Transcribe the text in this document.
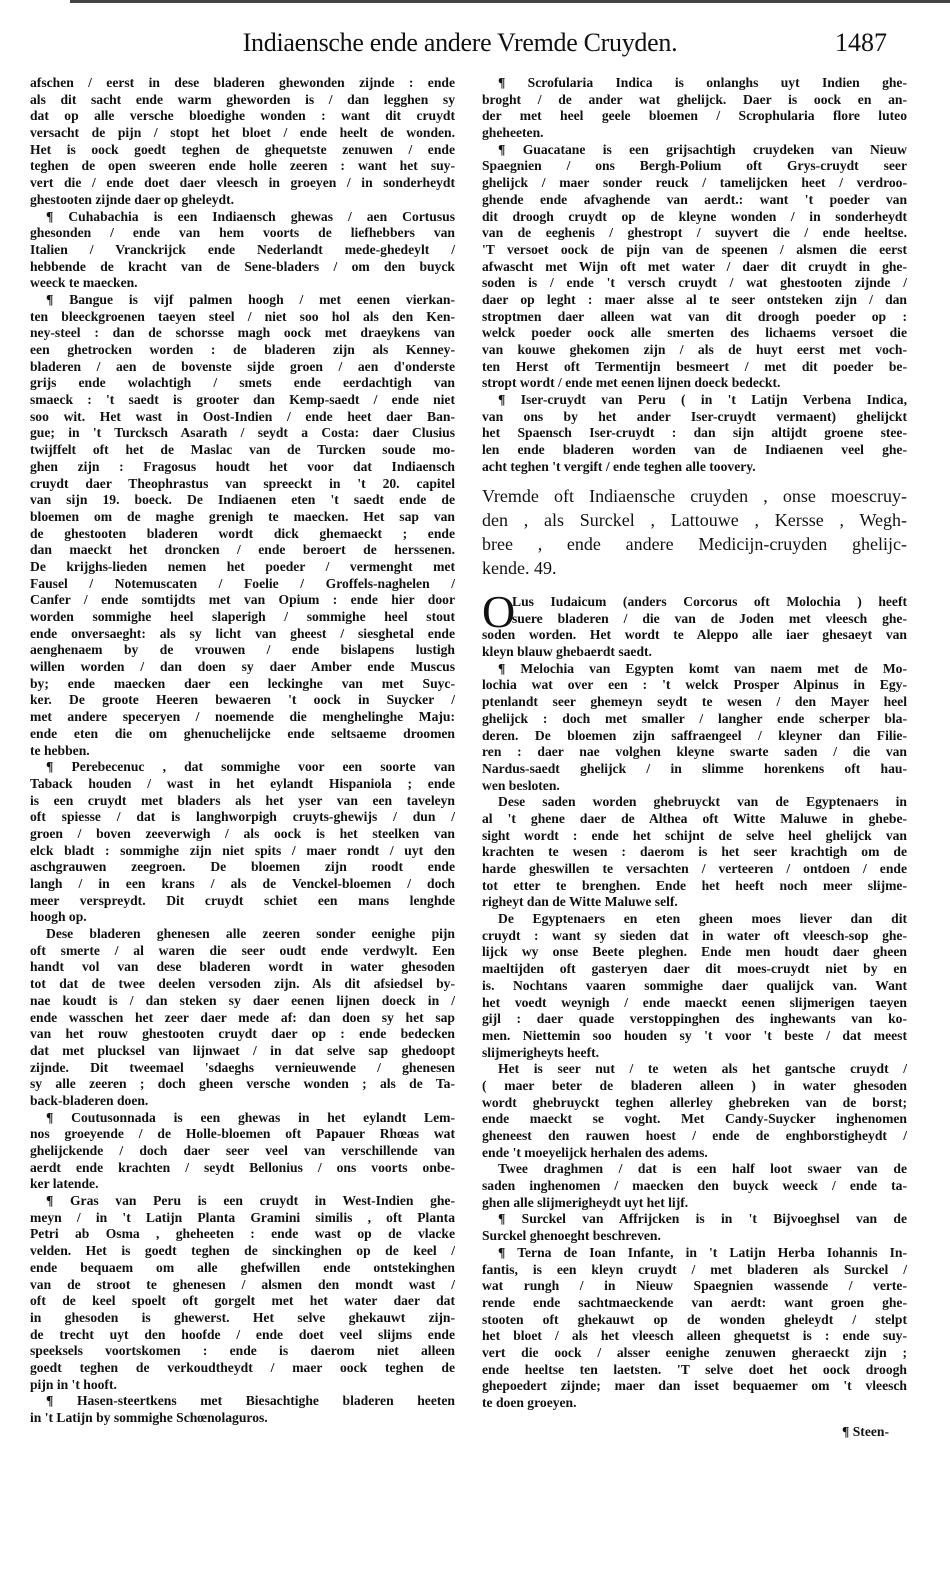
Indiaensche ende andere Vremde Cruyden.	1487
afschen / eerst in dese bladeren ghewonden zijnde : ende
als dit sacht ende warm gheworden is / dan legghen sy
dat op alle versche bloedighe wonden : want dit cruydt
versacht de pijn / stopt het bloet / ende heelt de wonden.
Het is oock goedt teghen de ghequetste zenuwen / ende
teghen de open sweeren ende holle zeeren : want het suy-
vert die / ende doet daer vleesch in groeyen / in sonderheydt
ghestooten zijnde daer op gheleydt.
¶ Cuhabachia is een Indiaensch ghewas / aen Cortusus
ghesonden / ende van hem voorts de liefhebbers van
Italien / Vranckrijck ende Nederlandt mede-ghedeylt /
hebbende de kracht van de Sene-bladers / om den buyck
weeck te maecken.
¶ Bangue is vijf palmen hoogh / met eenen vierkan-
ten bleeckgroenen taeyen steel / niet soo hol als den Ken-
ney-steel : dan de schorsse magh oock met draeykens van
een ghetrocken worden : de bladeren zijn als Kenney-
bladeren / aen de bovenste sijde groen / aen d'onderste
grijs ende wolachtigh / smets ende eerdachtigh van
smaeck : 't saedt is grooter dan Kemp-saedt / ende niet
soo wit. Het wast in Oost-Indien / ende heet daer Ban-
gue; in 't Turcksch Asarath / seydt a Costa: daer Clusius
twijffelt oft het de Maslac van de Turcken soude mo-
ghen zijn : Fragosus houdt het voor dat Indiaensch
cruydt daer Theophrastus van spreeckt in 't 20. capitel
van sijn 19. boeck. De Indiaenen eten 't saedt ende de
bloemen om de maghe grenigh te maecken. Het sap van
de ghestooten bladeren wordt dick ghemaeckt ; ende
dan maeckt het droncken / ende beroert de herssenen.
De krijghs-lieden nemen het poeder / vermenght met
Fausel / Notemuscaten / Foelie / Groffels-naghelen /
Canfer / ende somtijdts met van Opium : ende hier door
worden sommighe heel slaperigh / sommighe heel stout
ende onversaeght: als sy licht van gheest / siesghetal ende
aenghenaem by de vrouwen / ende bislapens lustigh
willen worden / dan doen sy daer Amber ende Muscus
by; ende maecken daer een leckinghe van met Suyc-
ker. De groote Heeren bewaeren 't oock in Suycker /
met andere speceryen / noemende die menghelinghe Maju:
ende eten die om ghenuchelijcke ende seltsaeme droomen
te hebben.
¶ Perebecenuc , dat sommighe voor een soorte van
Taback houden / wast in het eylandt Hispaniola ; ende
is een cruydt met bladers als het yser van een taveleyn
oft spiesse / dat is langhworpigh cruyts-ghewijs / dun /
groen / boven zeeverwigh / als oock is het steelken van
elck bladt : sommighe zijn niet spits / maer rondt / uyt den
aschgrauwen zeegroen. De bloemen zijn roodt ende
langh / in een krans / als de Venckel-bloemen / doch
meer verspreydt. Dit cruydt schiet een mans lenghde
hoogh op.
Dese bladeren ghenesen alle zeeren sonder eenighe pijn
oft smerte / al waren die seer oudt ende verdwylt. Een
handt vol van dese bladeren wordt in water ghesoden
tot dat de twee deelen versoden zijn. Als dit afsiedsel by-
nae koudt is / dan steken sy daer eenen lijnen doeck in /
ende wasschen het zeer daer mede af: dan doen sy het sap
van het rouw ghestooten cruydt daer op : ende bedecken
dat met plucksel van lijnwaet / in dat selve sap ghedoopt
zijnde. Dit tweemael 'sdaeghs vernieuwende / ghenesen
sy alle zeeren ; doch gheen versche wonden ; als de Ta-
back-bladeren doen.
¶ Coutusonnada is een ghewas in het eylandt Lem-
nos groeyende / de Holle-bloemen oft Papauer Rhœas wat
ghelijckende / doch daer seer veel van verschillende van
aerdt ende krachten / seydt Bellonius / ons voorts onbe-
ker latende.
¶ Gras van Peru is een cruydt in West-Indien ghe-
meyn / in 't Latijn Planta Gramini similis , oft Planta
Petri ab Osma , gheheeten : ende wast op de vlacke
velden. Het is goedt teghen de sinckinghen op de keel /
ende bequaem om alle ghefwillen ende ontstekinghen
van de stroot te ghenesen / alsmen den mondt wast /
oft de keel spoelt oft gorgelt met het water daer dat
in ghesoden is ghewerst. Het selve ghekauwt zijn-
de trecht uyt den hoofde / ende doet veel slijms ende
speeksels voortskomen : ende is daerom niet alleen
goedt teghen de verkoudtheydt / maer oock teghen de
pijn in 't hooft.
¶ Hasen-steertkens met Biesachtighe bladeren heeten
in 't Latijn by sommighe Schœnolaguros.
¶ Scrofularia Indica is onlanghs uyt Indien ghe-
broght / de ander wat ghelijck. Daer is oock en an-
der met heel geele bloemen / Scrophularia flore luteo
gheheeten.
¶ Guacatane is een grijsachtigh cruydeken van Nieuw
Spaegnien / ons Bergh-Polium oft Grys-cruydt seer
ghelijck / maer sonder reuck / tamelijcken heet / verdroo-
ghende ende afvaghende van aerdt.: want 't poeder van
dit droogh cruydt op de kleyne wonden / in sonderheydt
van de eeghenis / ghestropt / suyvert die / ende heeltse.
'T versoet oock de pijn van de speenen / alsmen die eerst
afwascht met Wijn oft met water / daer dit cruydt in ghe-
soden is / ende 't versch cruydt / wat ghestooten zijnde /
daer op leght : maer alsse al te seer ontsteken zijn / dan
stroptmen daer alleen wat van dit droogh poeder op :
welck poeder oock alle smerten des lichaems versoet die
van kouwe ghekomen zijn / als de huyt eerst met voch-
ten Herst oft Termentijn besmeert / met dit poeder be-
stropt wordt / ende met eenen lijnen doeck bedeckt.
¶ Iser-cruydt van Peru ( in 't Latijn Verbena Indica,
van ons by het ander Iser-cruydt vermaent) ghelijckt
het Spaensch Iser-cruydt : dan sijn altijdt groene stee-
len ende bladeren worden van de Indiaenen veel ghe-
acht teghen 't vergift / ende teghen alle toovery.
Vremde oft Indiaensche cruyden , onse moescruy-
den , als Surckel , Lattouwe , Kersse , Wegh-
bree , ende andere Medicijn-cruyden ghelijc-
kende. 49.
O
Lus Iudaicum (anders Corcorus oft Molochia ) heeft
suere bladeren / die van de Joden met vleesch ghe-
soden worden. Het wordt te Aleppo alle iaer ghesaeyt van
kleyn blauw ghebaerdt saedt.
¶ Melochia van Egypten komt van naem met de Mo-
lochia wat over een : 't welck Prosper Alpinus in Egy-
ptenlandt seer ghemeyn seydt te wesen / den Mayer heel
ghelijck : doch met smaller / langher ende scherper bla-
deren. De bloemen zijn saffraengeel / kleyner dan Filie-
ren : daer nae volghen kleyne swarte saden / die van
Nardus-saedt ghelijck / in slimme horenkens oft hau-
wen besloten.
Dese saden worden ghebruyckt van de Egyptenaers in
al 't ghene daer de Althea oft Witte Maluwe in ghebe-
sight wordt : ende het schijnt de selve heel ghelijck van
krachten te wesen : daerom is het seer krachtigh om de
harde gheswillen te versachten / verteeren / ontdoen / ende
tot etter te brenghen. Ende het heeft noch meer slijme-
righeyt dan de Witte Maluwe self.
De Egyptenaers en eten gheen moes liever dan dit
cruydt : want sy sieden dat in water oft vleesch-sop ghe-
lijck wy onse Beete pleghen. Ende men houdt daer gheen
maeltijden oft gasteryen daer dit moes-cruydt niet by en
is. Nochtans vaaren sommighe daer qualijck van. Want
het voedt weynigh / ende maeckt eenen slijmerigen taeyen
gijl : daer quade verstoppinghen des inghewants van ko-
men. Niettemin soo houden sy 't voor 't beste / dat meest
slijmerigheyts heeft.
Het is seer nut / te weten als het gantsche cruydt /
( maer beter de bladeren alleen ) in water ghesoden
wordt ghebruyckt teghen allerley ghebreken van de borst;
ende maeckt se voght. Met Candy-Suycker inghenomen
gheneest den rauwen hoest / ende de enghborstigheydt /
ende 't moeyelijck herhalen des adems.
Twee draghmen / dat is een half loot swaer van de
saden inghenomen / maecken den buyck weeck / ende ta-
ghen alle slijmerigheydt uyt het lijf.
¶ Surckel van Affrijcken is in 't Bijvoeghsel van de
Surckel ghenoeght beschreven.
¶ Terna de Ioan Infante, in 't Latijn Herba Iohannis In-
fantis, is een kleyn cruydt / met bladeren als Surckel /
wat rungh / in Nieuw Spaegnien wassende / verte-
rende ende sachtmaeckende van aerdt: want groen ghe-
stooten oft ghekauwt op de wonden gheleydt / stelpt
het bloet / als het vleesch alleen ghequetst is : ende suy-
vert die oock / alsser eenighe zenuwen gheraeckt zijn ;
ende heeltse ten laetsten. 'T selve doet het oock droogh
ghepoedert zijnde; maer dan isset bequaemer om 't vleesch
te doen groeyen.
¶ Steen-
